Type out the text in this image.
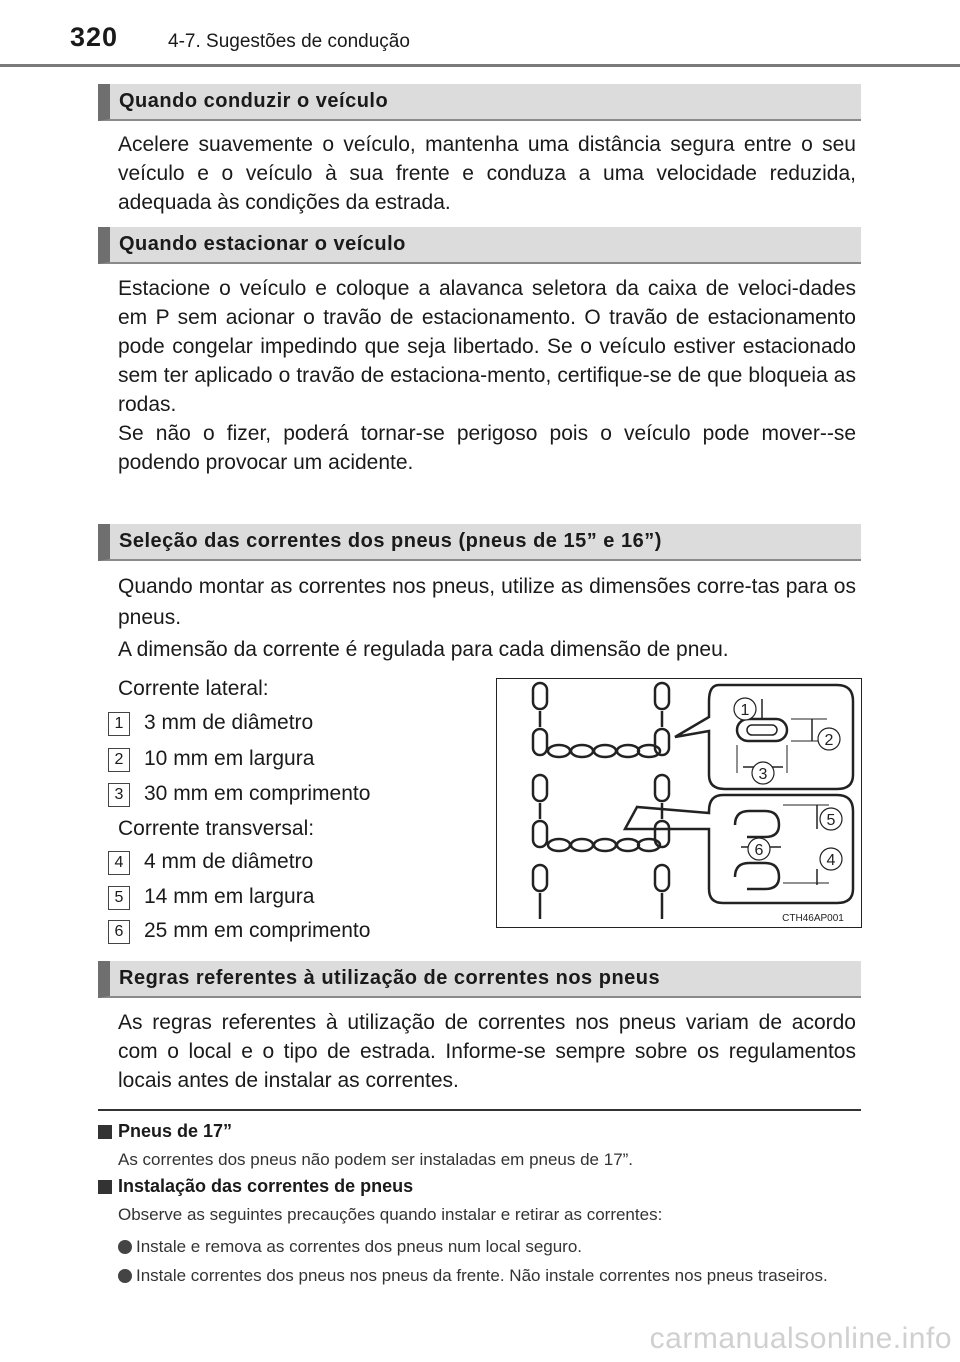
320	4-7. Sugestões de condução
Quando conduzir o veículo
Acelere suavemente o veículo, mantenha uma distância segura entre o seu veículo e o veículo à sua frente e conduza a uma velocidade reduzida, adequada às condições da estrada.
Quando estacionar o veículo
Estacione o veículo e coloque a alavanca seletora da caixa de veloci-dades em P sem acionar o travão de estacionamento. O travão de estacionamento pode congelar impedindo que seja libertado. Se o veículo estiver estacionado sem ter aplicado o travão de estaciona-mento, certifique-se de que bloqueia as rodas.
Se não o fizer, poderá tornar-se perigoso pois o veículo pode mover--se podendo provocar um acidente.
Seleção das correntes dos pneus (pneus de 15” e 16”)
Quando montar as correntes nos pneus, utilize as dimensões corre-tas para os pneus.
A dimensão da corrente é regulada para cada dimensão de pneu.
Corrente lateral:
1 3 mm de diâmetro
2 10 mm em largura
3 30 mm em comprimento
Corrente transversal:
4 4 mm de diâmetro
5 14 mm em largura
6 25 mm em comprimento
1
2
3
5
6
4
CTH46AP001
Regras referentes à utilização de correntes nos pneus
As regras referentes à utilização de correntes nos pneus variam de acordo com o local e o tipo de estrada. Informe-se sempre sobre os regulamentos locais antes de instalar as correntes.
Pneus de 17”
As correntes dos pneus não podem ser instaladas em pneus de 17”.
Instalação das correntes de pneus
Observe as seguintes precauções quando instalar e retirar as correntes:
Instale e remova as correntes dos pneus num local seguro.
Instale correntes dos pneus nos pneus da frente. Não instale correntes nos pneus traseiros.
carmanualsonline.info
